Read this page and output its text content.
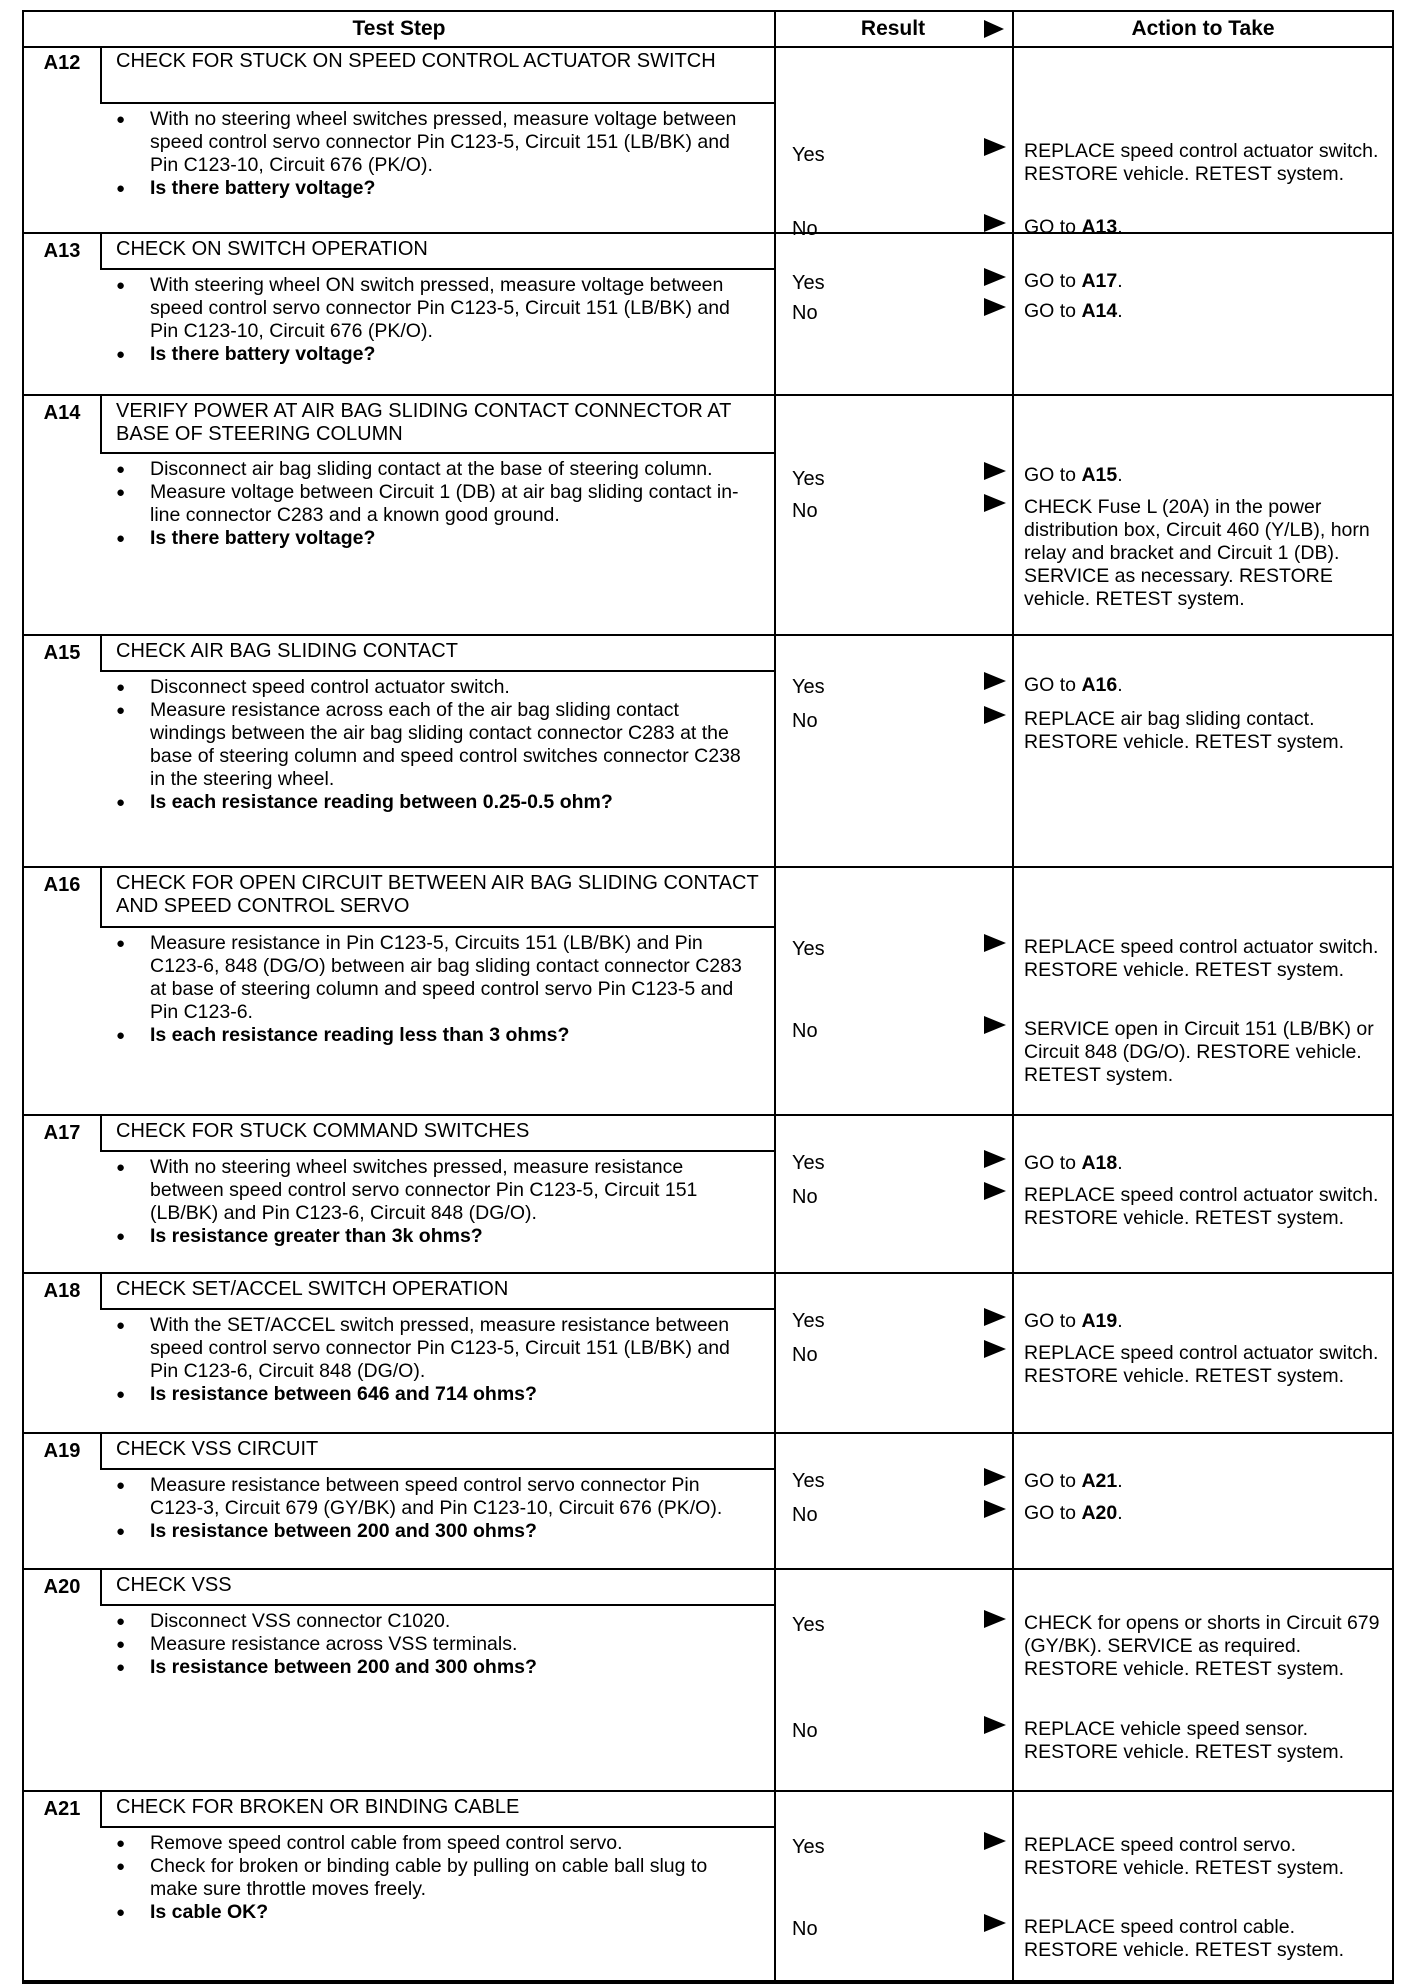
Test Step	Result	Action to Take
A12	CHECK FOR STUCK ON SPEED CONTROL ACTUATOR SWITCH
● With no steering wheel switches pressed, measure voltage between speed control servo connector Pin C123-5, Circuit 151 (LB/BK) and Pin C123-10, Circuit 676 (PK/O).
● Is there battery voltage?
Yes	REPLACE speed control actuator switch. RESTORE vehicle. RETEST system.
No	GO to A13.
A13	CHECK ON SWITCH OPERATION
● With steering wheel ON switch pressed, measure voltage between speed control servo connector Pin C123-5, Circuit 151 (LB/BK) and Pin C123-10, Circuit 676 (PK/O).
● Is there battery voltage?
Yes	GO to A17.
No	GO to A14.
A14	VERIFY POWER AT AIR BAG SLIDING CONTACT CONNECTOR AT BASE OF STEERING COLUMN
● Disconnect air bag sliding contact at the base of steering column.
● Measure voltage between Circuit 1 (DB) at air bag sliding contact in-line connector C283 and a known good ground.
● Is there battery voltage?
Yes	GO to A15.
No	CHECK Fuse L (20A) in the power distribution box, Circuit 460 (Y/LB), horn relay and bracket and Circuit 1 (DB). SERVICE as necessary. RESTORE vehicle. RETEST system.
A15	CHECK AIR BAG SLIDING CONTACT
● Disconnect speed control actuator switch.
● Measure resistance across each of the air bag sliding contact windings between the air bag sliding contact connector C283 at the base of steering column and speed control switches connector C238 in the steering wheel.
● Is each resistance reading between 0.25-0.5 ohm?
Yes	GO to A16.
No	REPLACE air bag sliding contact. RESTORE vehicle. RETEST system.
A16	CHECK FOR OPEN CIRCUIT BETWEEN AIR BAG SLIDING CONTACT AND SPEED CONTROL SERVO
● Measure resistance in Pin C123-5, Circuits 151 (LB/BK) and Pin C123-6, 848 (DG/O) between air bag sliding contact connector C283 at base of steering column and speed control servo Pin C123-5 and Pin C123-6.
● Is each resistance reading less than 3 ohms?
Yes	REPLACE speed control actuator switch. RESTORE vehicle. RETEST system.
No	SERVICE open in Circuit 151 (LB/BK) or Circuit 848 (DG/O). RESTORE vehicle. RETEST system.
A17	CHECK FOR STUCK COMMAND SWITCHES
● With no steering wheel switches pressed, measure resistance between speed control servo connector Pin C123-5, Circuit 151 (LB/BK) and Pin C123-6, Circuit 848 (DG/O).
● Is resistance greater than 3k ohms?
Yes	GO to A18.
No	REPLACE speed control actuator switch. RESTORE vehicle. RETEST system.
A18	CHECK SET/ACCEL SWITCH OPERATION
● With the SET/ACCEL switch pressed, measure resistance between speed control servo connector Pin C123-5, Circuit 151 (LB/BK) and Pin C123-6, Circuit 848 (DG/O).
● Is resistance between 646 and 714 ohms?
Yes	GO to A19.
No	REPLACE speed control actuator switch. RESTORE vehicle. RETEST system.
A19	CHECK VSS CIRCUIT
● Measure resistance between speed control servo connector Pin C123-3, Circuit 679 (GY/BK) and Pin C123-10, Circuit 676 (PK/O).
● Is resistance between 200 and 300 ohms?
Yes	GO to A21.
No	GO to A20.
A20	CHECK VSS
● Disconnect VSS connector C1020.
● Measure resistance across VSS terminals.
● Is resistance between 200 and 300 ohms?
Yes	CHECK for opens or shorts in Circuit 679 (GY/BK). SERVICE as required. RESTORE vehicle. RETEST system.
No	REPLACE vehicle speed sensor. RESTORE vehicle. RETEST system.
A21	CHECK FOR BROKEN OR BINDING CABLE
● Remove speed control cable from speed control servo.
● Check for broken or binding cable by pulling on cable ball slug to make sure throttle moves freely.
● Is cable OK?
Yes	REPLACE speed control servo. RESTORE vehicle. RETEST system.
No	REPLACE speed control cable. RESTORE vehicle. RETEST system.
